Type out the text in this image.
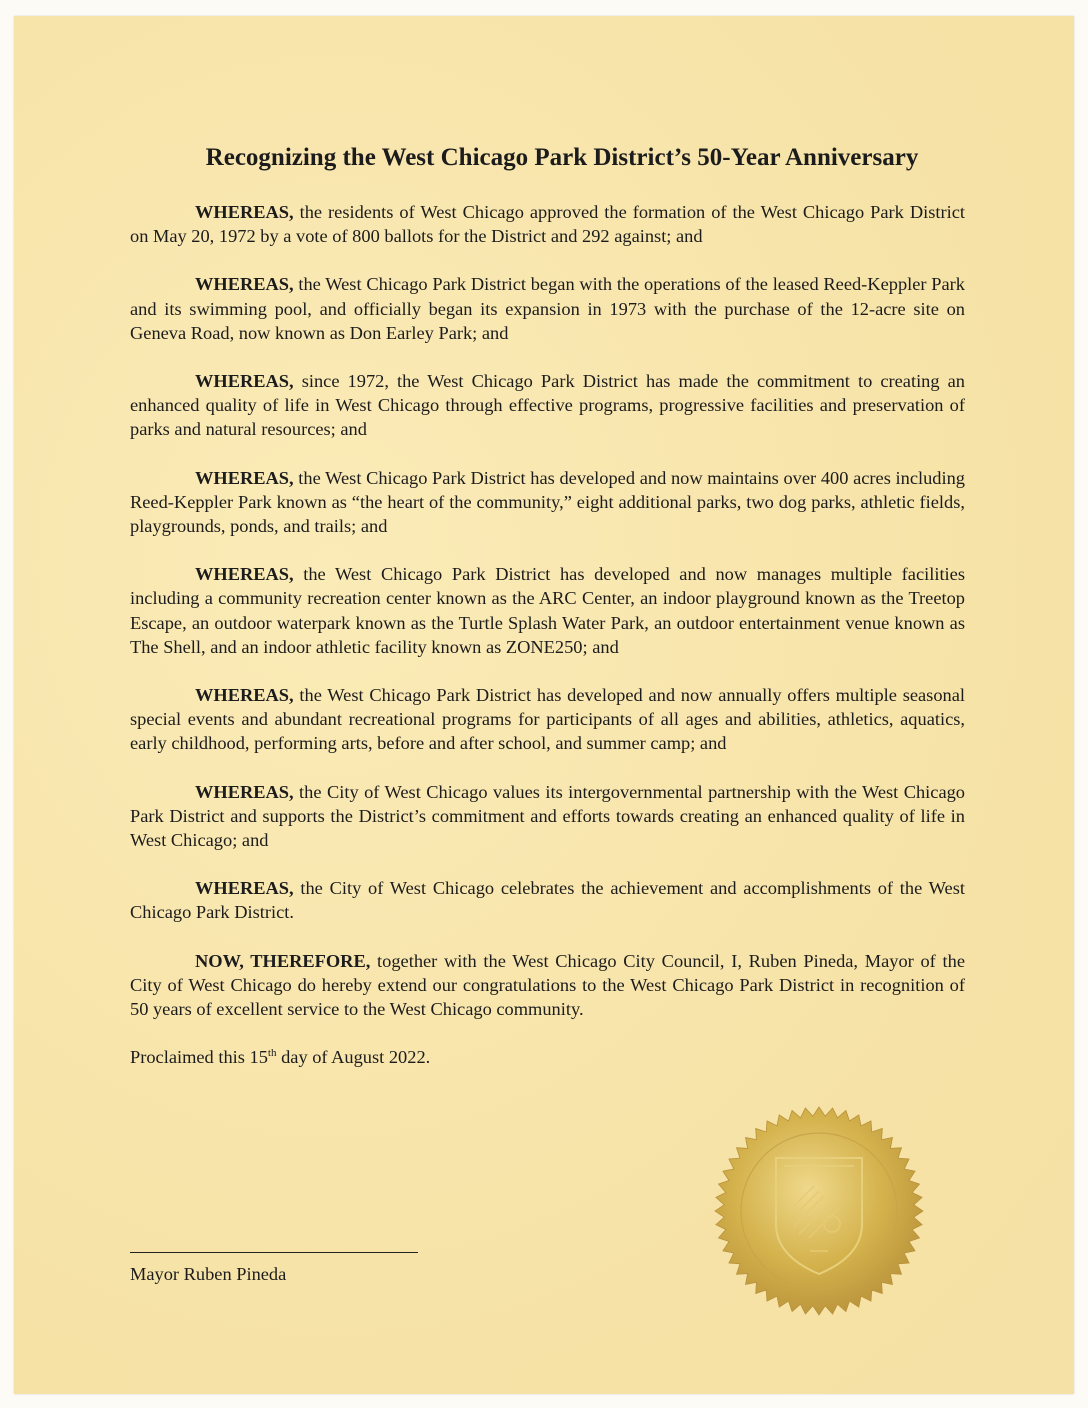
Recognizing the West Chicago Park District’s 50-Year Anniversary

WHEREAS, the residents of West Chicago approved the formation of the West Chicago Park District on May 20, 1972 by a vote of 800 ballots for the District and 292 against; and

WHEREAS, the West Chicago Park District began with the operations of the leased Reed-Keppler Park and its swimming pool, and officially began its expansion in 1973 with the purchase of the 12-acre site on Geneva Road, now known as Don Earley Park; and

WHEREAS, since 1972, the West Chicago Park District has made the commitment to creating an enhanced quality of life in West Chicago through effective programs, progressive facilities and preservation of parks and natural resources; and

WHEREAS, the West Chicago Park District has developed and now maintains over 400 acres including Reed-Keppler Park known as “the heart of the community,” eight additional parks, two dog parks, athletic fields, playgrounds, ponds, and trails; and

WHEREAS, the West Chicago Park District has developed and now manages multiple facilities including a community recreation center known as the ARC Center, an indoor playground known as the Treetop Escape, an outdoor waterpark known as the Turtle Splash Water Park, an outdoor entertainment venue known as The Shell, and an indoor athletic facility known as ZONE250; and

WHEREAS, the West Chicago Park District has developed and now annually offers multiple seasonal special events and abundant recreational programs for participants of all ages and abilities, athletics, aquatics, early childhood, performing arts, before and after school, and summer camp; and

WHEREAS, the City of West Chicago values its intergovernmental partnership with the West Chicago Park District and supports the District’s commitment and efforts towards creating an enhanced quality of life in West Chicago; and

WHEREAS, the City of West Chicago celebrates the achievement and accomplishments of the West Chicago Park District.

NOW, THEREFORE, together with the West Chicago City Council, I, Ruben Pineda, Mayor of the City of West Chicago do hereby extend our congratulations to the West Chicago Park District in recognition of 50 years of excellent service to the West Chicago community.

Proclaimed this 15th day of August 2022.

Mayor Ruben Pineda
